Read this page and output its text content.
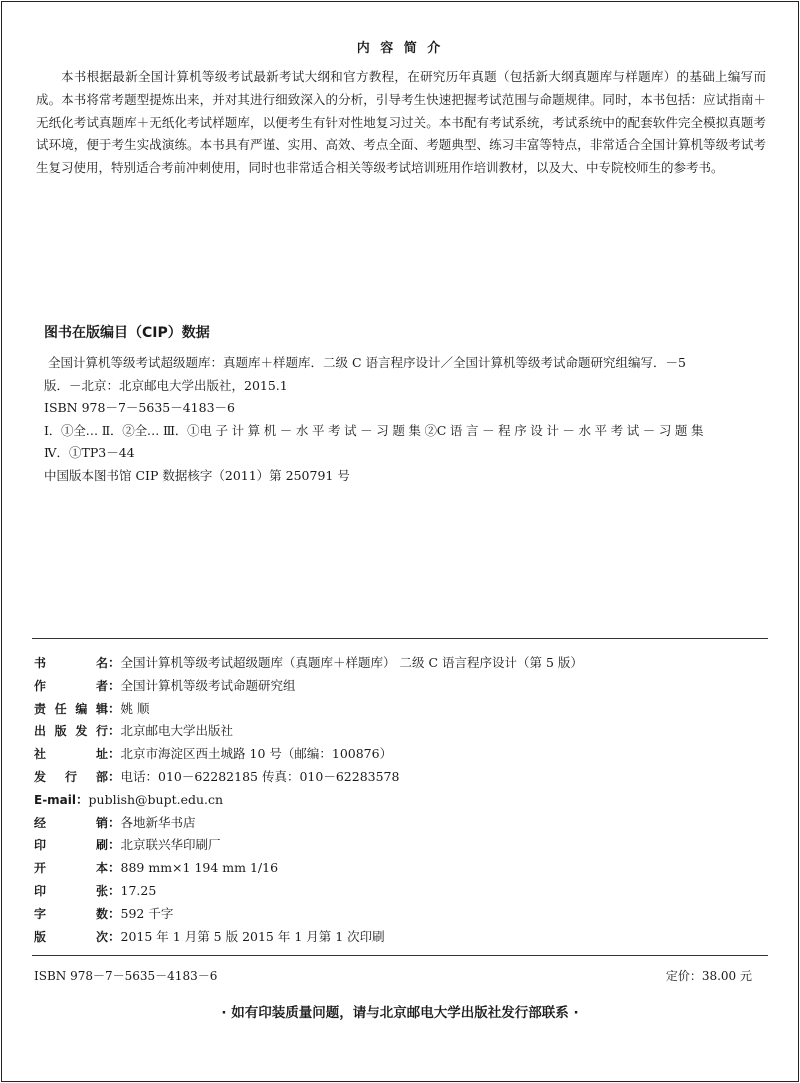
内 容 简 介

本书根据最新全国计算机等级考试最新考试大纲和官方教程，在研究历年真题（包括新大纲真题库与样题库）的基础上编写而成。本书将常考题型提炼出来，并对其进行细致深入的分析，引导考生快速把握考试范围与命题规律。同时，本书包括：应试指南＋无纸化考试真题库＋无纸化考试样题库，以便考生有针对性地复习过关。本书配有考试系统，考试系统中的配套软件完全模拟真题考试环境，便于考生实战演练。本书具有严谨、实用、高效、考点全面、考题典型、练习丰富等特点，非常适合全国计算机等级考试考生复习使用，特别适合考前冲刺使用，同时也非常适合相关等级考试培训班用作培训教材，以及大、中专院校师生的参考书。

图书在版编目（CIP）数据

全国计算机等级考试超级题库：真题库＋样题库．二级 C 语言程序设计／全国计算机等级考试命题研究组编写．－5

版．－北京：北京邮电大学出版社，2015.1

ISBN 978－7－5635－4183－6

Ⅰ．①全… Ⅱ．②全… Ⅲ．①电 子 计 算 机 － 水 平 考 试 － 习 题 集 ②C 语 言 － 程 序 设 计 － 水 平 考 试 － 习 题 集

Ⅳ．①TP3－44

中国版本图书馆 CIP 数据核字（2011）第 250791 号

书 名：全国计算机等级考试超级题库（真题库＋样题库） 二级 C 语言程序设计（第 5 版）
作 者：全国计算机等级考试命题研究组
责任编辑：姚 顺
出版发行：北京邮电大学出版社
社 址：北京市海淀区西土城路 10 号（邮编：100876）
发 行 部：电话：010－62282185 传真：010－62283578
E-mail：publish@bupt.edu.cn
经 销：各地新华书店
印 刷：北京联兴华印刷厂
开 本：889 mm×1 194 mm 1/16
印 张：17.25
字 数：592 千字
版 次：2015 年 1 月第 5 版 2015 年 1 月第 1 次印刷
ISBN 978－7－5635－4183－6	定价：38.00 元
· 如有印装质量问题，请与北京邮电大学出版社发行部联系 ·
